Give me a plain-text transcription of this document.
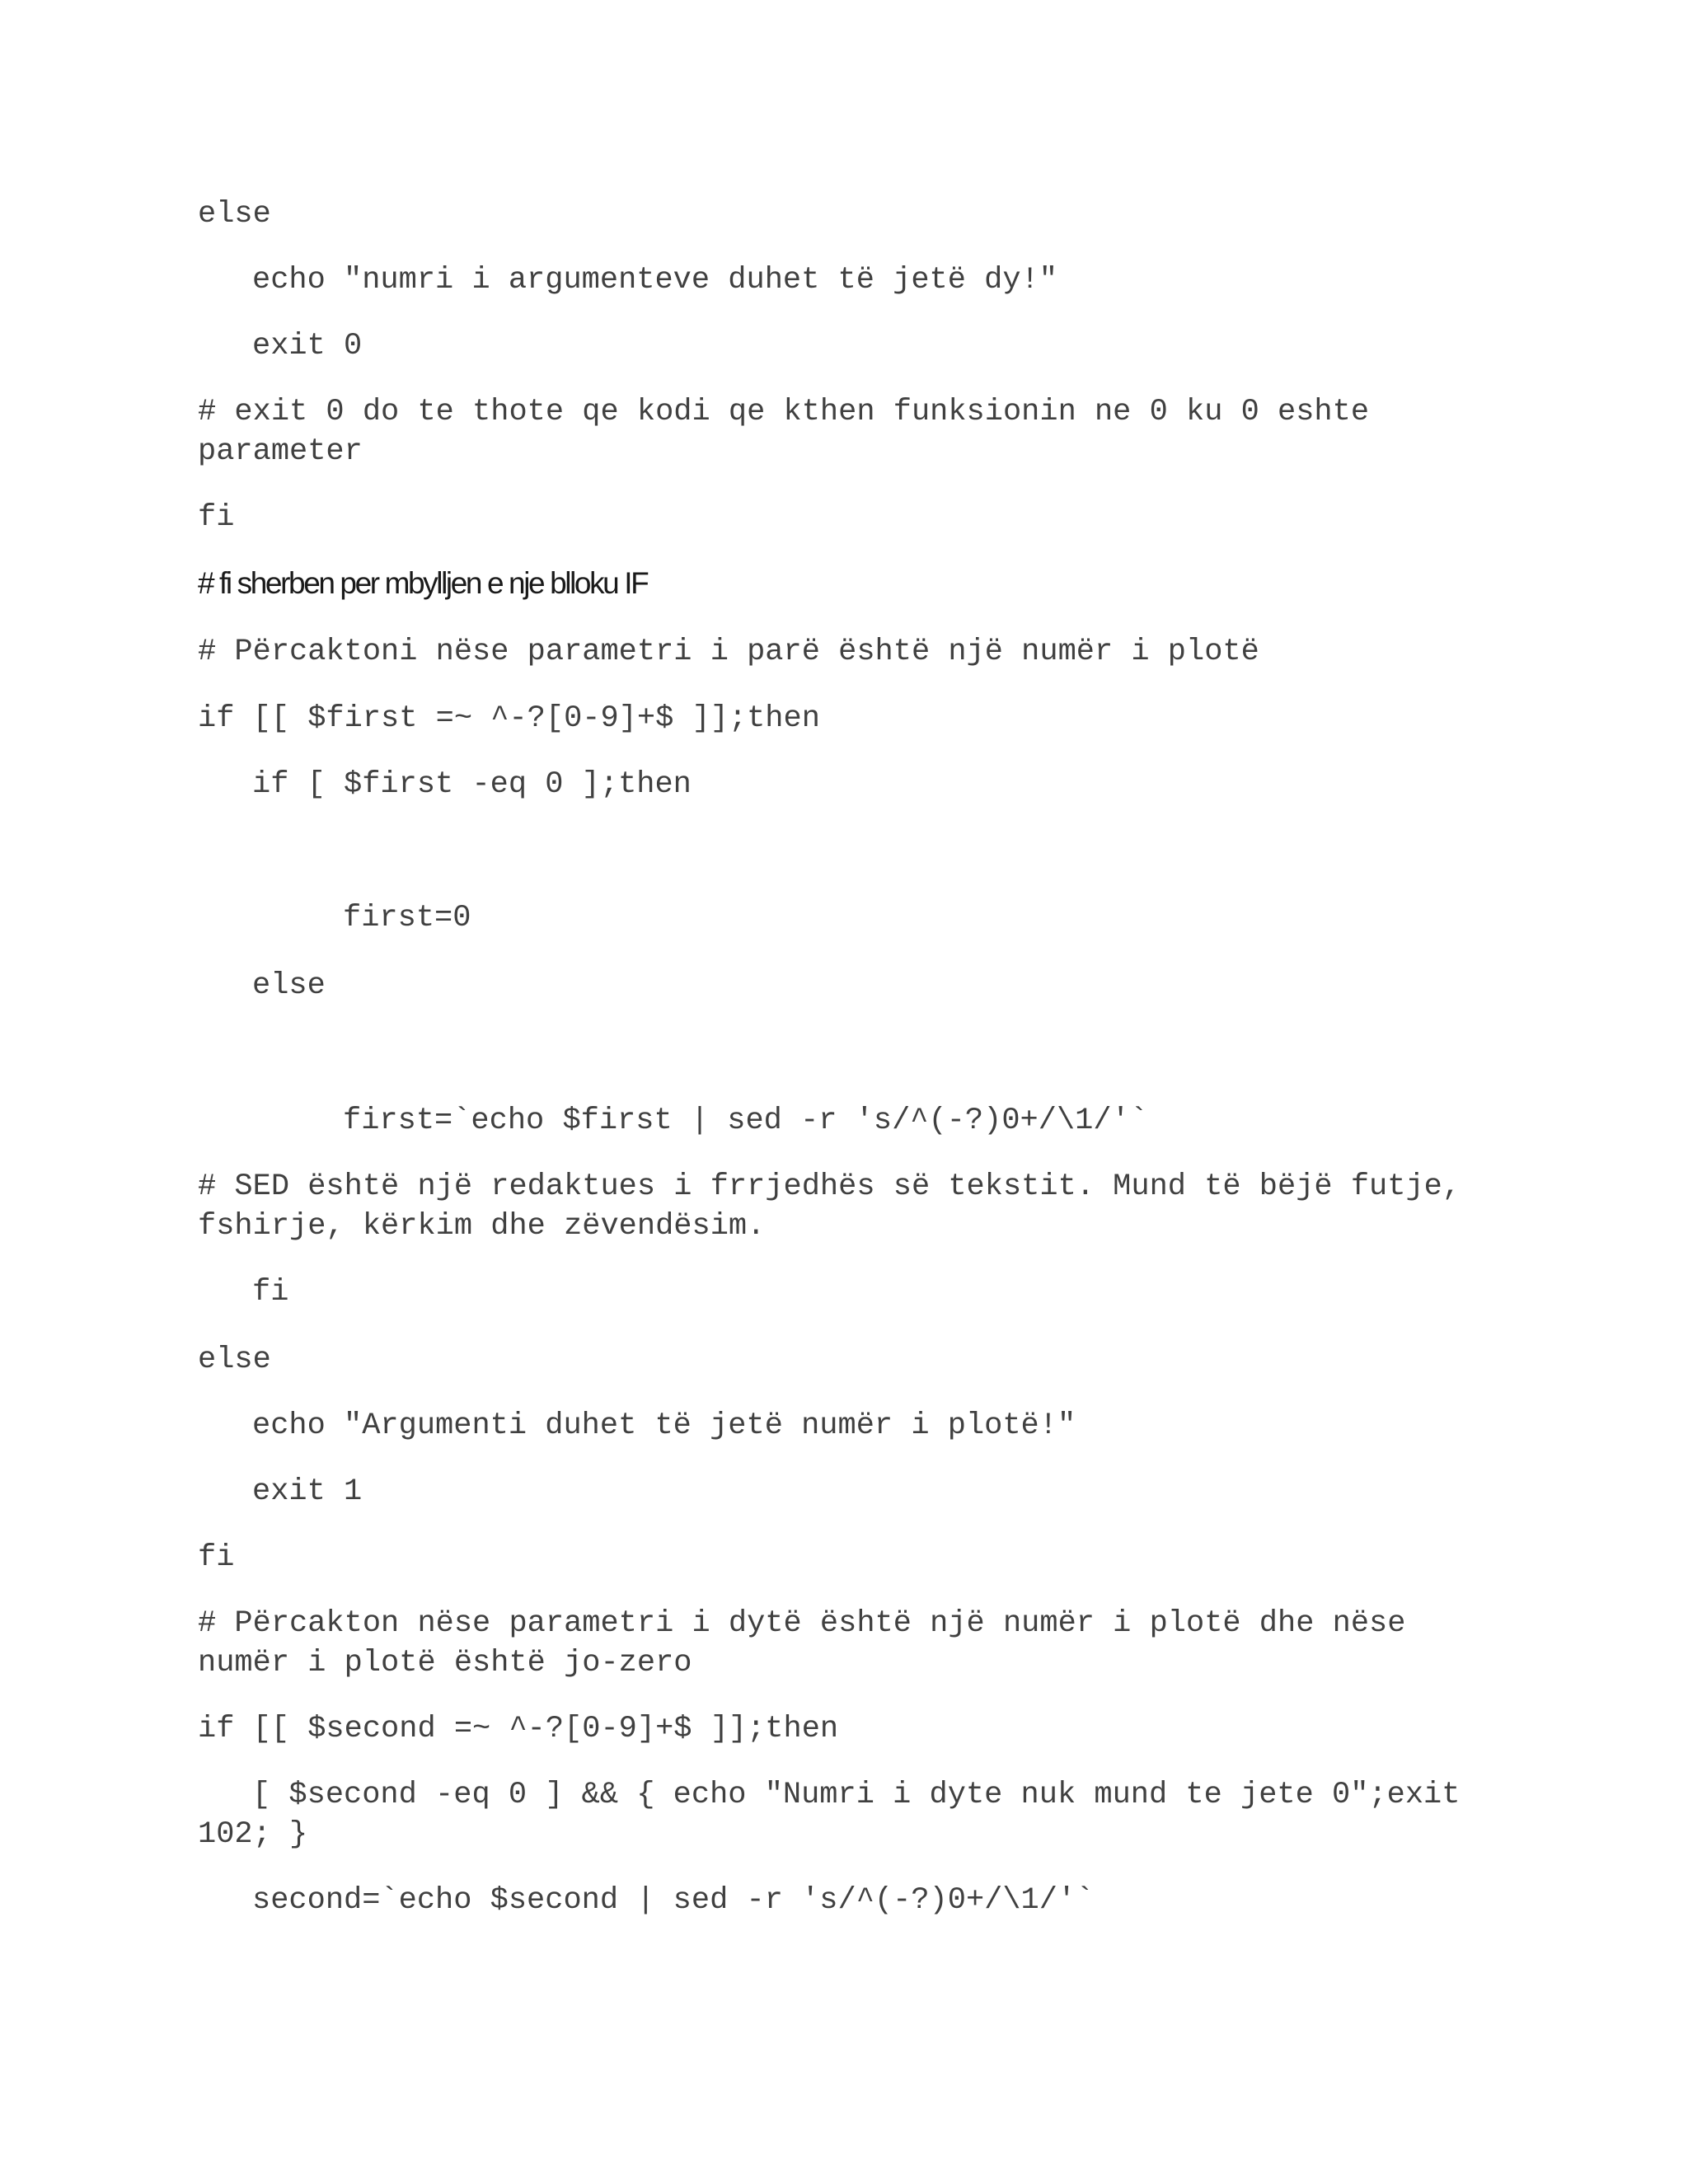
else

echo "numri i argumenteve duhet të jetë dy!"

exit 0

# exit 0 do te thote qe kodi qe kthen funksionin ne 0 ku 0 eshte

parameter

fi

# fi sherben per mbylljen e nje blloku IF

# Përcaktoni nëse parametri i parë është një numër i plotë

if [[ $first =~ ^-?[0-9]+$ ]];then

if [ $first -eq 0 ];then

first=0

else

first=`echo $first | sed -r 's/^(-?)0+/\1/'`

# SED është një redaktues i frrjedhës së tekstit. Mund të bëjë futje,

fshirje, kërkim dhe zëvendësim.

fi

else

echo "Argumenti duhet të jetë numër i plotë!"

exit 1

fi

# Përcakton nëse parametri i dytë është një numër i plotë dhe nëse

numër i plotë është jo-zero

if [[ $second =~ ^-?[0-9]+$ ]];then

[ $second -eq 0 ] && { echo "Numri i dyte nuk mund te jete 0";exit

102; }

second=`echo $second | sed -r 's/^(-?)0+/\1/'`
